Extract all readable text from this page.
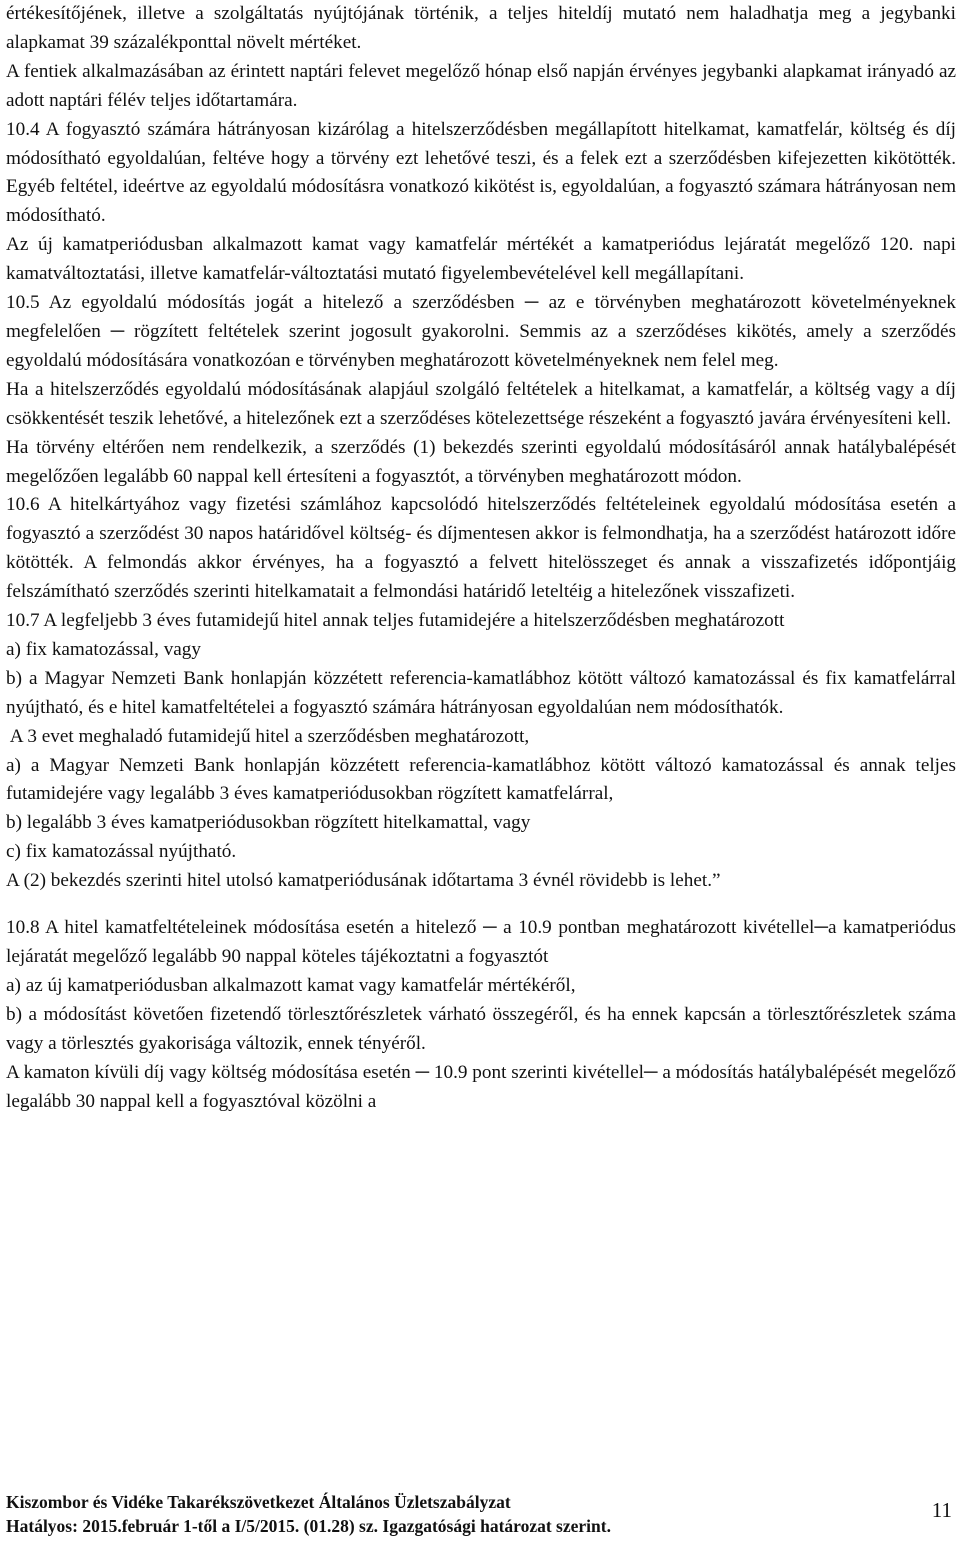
értékesítőjének, illetve a szolgáltatás nyújtójának történik, a teljes hiteldíj mutató nem haladhatja meg a jegybanki alapkamat 39 százalékponttal növelt mértéket.

A fentiek alkalmazásában az érintett naptári felevet megelőző hónap első napján érvényes jegybanki alapkamat irányadó az adott naptári félév teljes időtartamára.

10.4 A fogyasztó számára hátrányosan kizárólag a hitelszerződésben megállapított hitelkamat, kamatfelár, költség és díj módosítható egyoldalúan, feltéve hogy a törvény ezt lehetővé teszi, és a felek ezt a szerződésben kifejezetten kikötötték. Egyéb feltétel, ideértve az egyoldalú módosításra vonatkozó kikötést is, egyoldalúan, a fogyasztó számara hátrányosan nem módosítható.

Az új kamatperiódusban alkalmazott kamat vagy kamatfelár mértékét a kamatperiódus lejáratát megelőző 120. napi kamatváltoztatási, illetve kamatfelár-változtatási mutató figyelembevételével kell megállapítani.

10.5 Az egyoldalú módosítás jogát a hitelező a szerződésben ─ az e törvényben meghatározott követelményeknek megfelelően ─ rögzített feltételek szerint jogosult gyakorolni. Semmis az a szerződéses kikötés, amely a szerződés egyoldalú módosítására vonatkozóan e törvényben meghatározott követelményeknek nem felel meg.

Ha a hitelszerződés egyoldalú módosításának alapjául szolgáló feltételek a hitelkamat, a kamatfelár, a költség vagy a díj csökkentését teszik lehetővé, a hitelezőnek ezt a szerződéses kötelezettsége részeként a fogyasztó javára érvényesíteni kell.

Ha törvény eltérően nem rendelkezik, a szerződés (1) bekezdés szerinti egyoldalú módosításáról annak hatálybalépését megelőzően legalább 60 nappal kell értesíteni a fogyasztót, a törvényben meghatározott módon.

10.6 A hitelkártyához vagy fizetési számlához kapcsolódó hitelszerződés feltételeinek egyoldalú módosítása esetén a fogyasztó a szerződést 30 napos határidővel költség- és díjmentesen akkor is felmondhatja, ha a szerződést határozott időre kötötték. A felmondás akkor érvényes, ha a fogyasztó a felvett hitelösszeget és annak a visszafizetés időpontjáig felszámítható szerződés szerinti hitelkamatait a felmondási határidő leteltéig a hitelezőnek visszafizeti.

10.7 A legfeljebb 3 éves futamidejű hitel annak teljes futamidejére a hitelszerződésben meghatározott

a) fix kamatozással, vagy

b) a Magyar Nemzeti Bank honlapján közzétett referencia-kamatlábhoz kötött változó kamatozással és fix kamatfelárral nyújtható, és e hitel kamatfeltételei a fogyasztó számára hátrányosan egyoldalúan nem módosíthatók.

A 3 evet meghaladó futamidejű hitel a szerződésben meghatározott,

a) a Magyar Nemzeti Bank honlapján közzétett referencia-kamatlábhoz kötött változó kamatozással és annak teljes futamidejére vagy legalább 3 éves kamatperiódusokban rögzített kamatfelárral,

b) legalább 3 éves kamatperiódusokban rögzített hitelkamattal, vagy

c) fix kamatozással nyújtható.

A (2) bekezdés szerinti hitel utolsó kamatperiódusának időtartama 3 évnél rövidebb is lehet.”

10.8 A hitel kamatfeltételeinek módosítása esetén a hitelező ─ a 10.9 pontban meghatározott kivétellel─a kamatperiódus lejáratát megelőző legalább 90 nappal köteles tájékoztatni a fogyasztót

a) az új kamatperiódusban alkalmazott kamat vagy kamatfelár mértékéről,

b) a módosítást követően fizetendő törlesztőrészletek várható összegéről, és ha ennek kapcsán a törlesztőrészletek száma vagy a törlesztés gyakorisága változik, ennek tényéről.

A kamaton kívüli díj vagy költség módosítása esetén ─ 10.9 pont szerinti kivétellel─ a módosítás hatálybalépését megelőző legalább 30 nappal kell a fogyasztóval közölni a

Kiszombor és Vidéke Takarékszövetkezet Általános Üzletszabályzat

Hatályos: 2015.február 1-től a I/5/2015. (01.28) sz. Igazgatósági határozat szerint.

11
